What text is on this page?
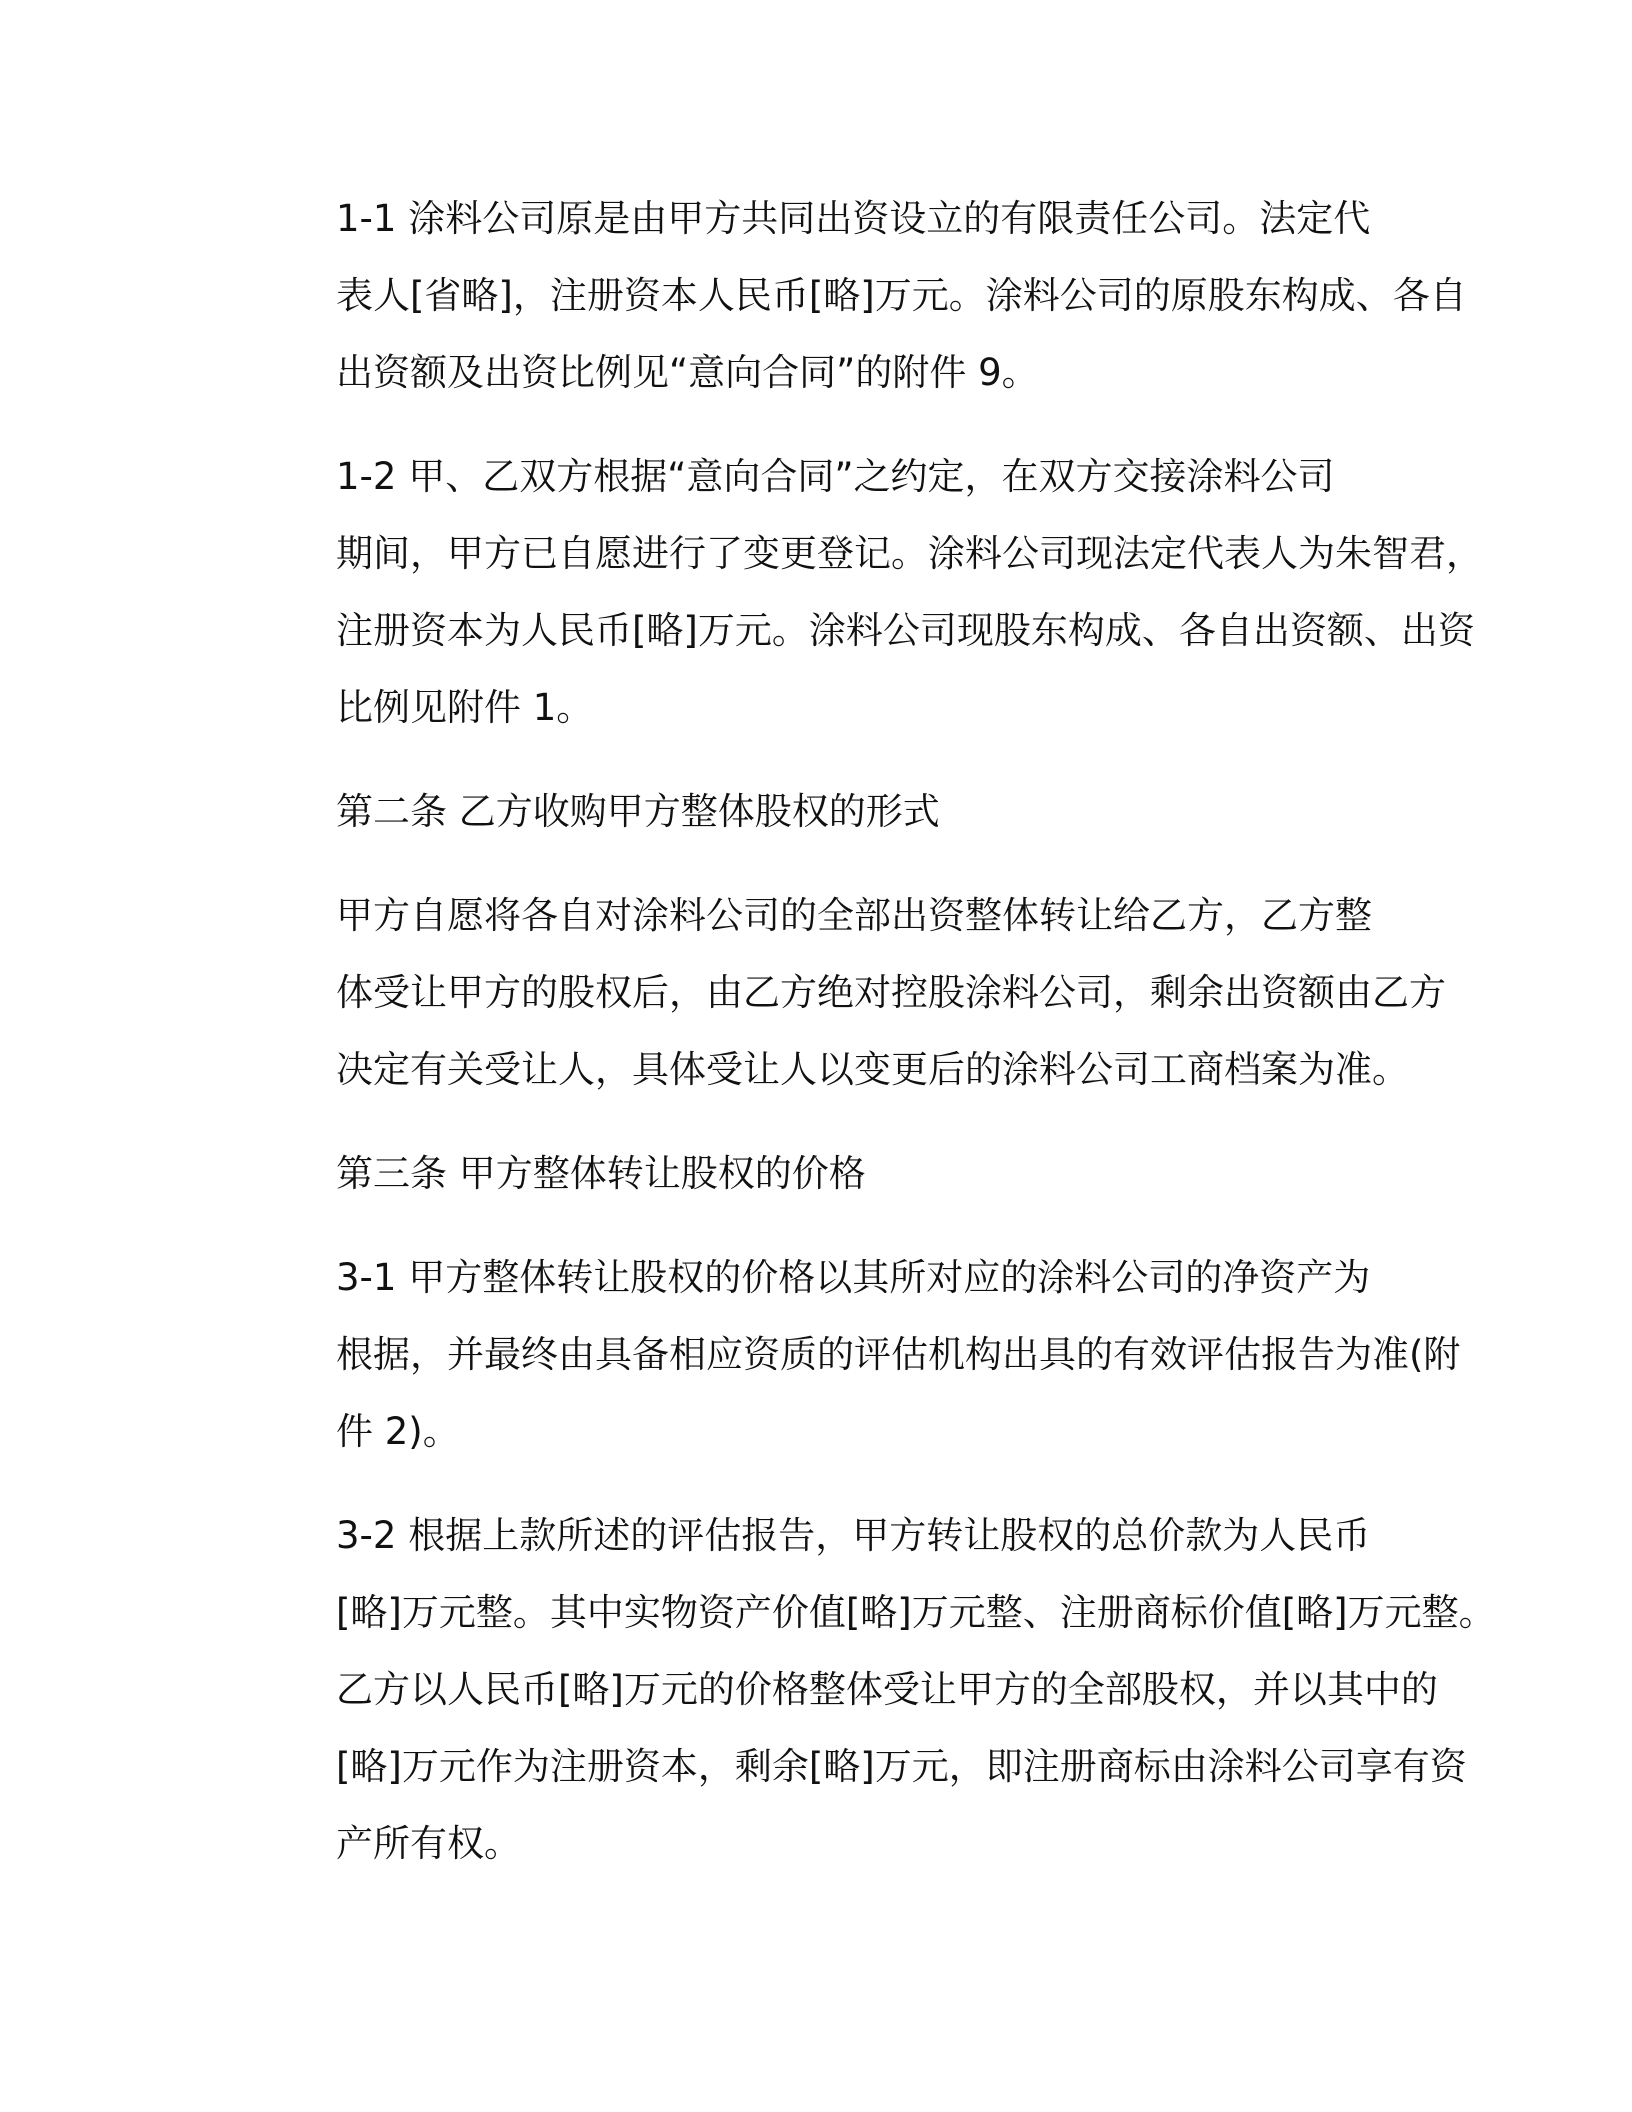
1-1 涂料公司原是由甲方共同出资设立的有限责任公司。法定代
表人[省略]，注册资本人民币[略]万元。涂料公司的原股东构成、各自
出资额及出资比例见“意向合同”的附件 9。
1-2 甲、乙双方根据“意向合同”之约定，在双方交接涂料公司
期间，甲方已自愿进行了变更登记。涂料公司现法定代表人为朱智君，
注册资本为人民币[略]万元。涂料公司现股东构成、各自出资额、出资
比例见附件 1。
第二条 乙方收购甲方整体股权的形式
甲方自愿将各自对涂料公司的全部出资整体转让给乙方，乙方整
体受让甲方的股权后，由乙方绝对控股涂料公司，剩余出资额由乙方
决定有关受让人，具体受让人以变更后的涂料公司工商档案为准。
第三条 甲方整体转让股权的价格
3-1 甲方整体转让股权的价格以其所对应的涂料公司的净资产为
根据，并最终由具备相应资质的评估机构出具的有效评估报告为准(附
件 2)。
3-2 根据上款所述的评估报告，甲方转让股权的总价款为人民币
[略]万元整。其中实物资产价值[略]万元整、注册商标价值[略]万元整。
乙方以人民币[略]万元的价格整体受让甲方的全部股权，并以其中的
[略]万元作为注册资本，剩余[略]万元，即注册商标由涂料公司享有资
产所有权。
